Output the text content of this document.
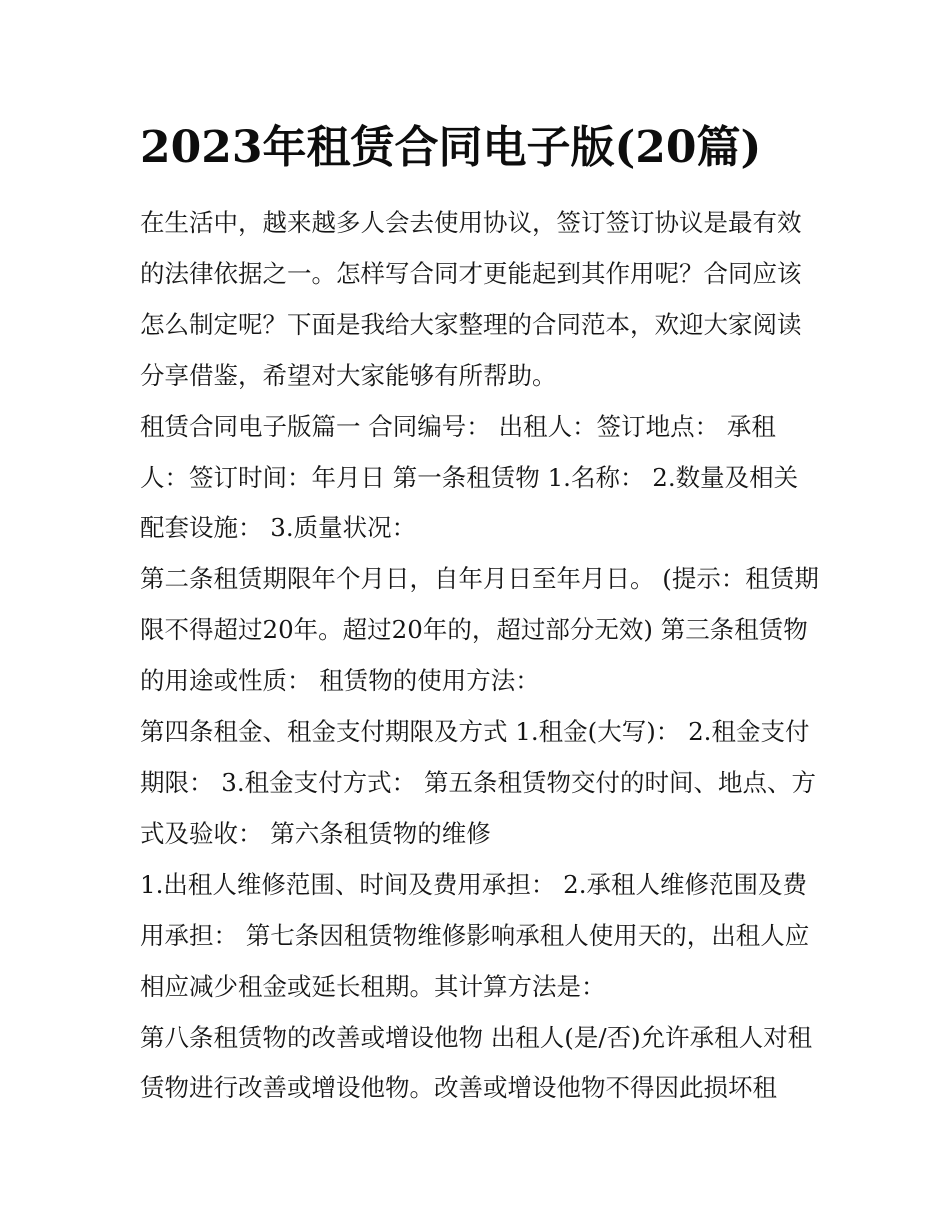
2023年租赁合同电子版(20篇)

在生活中，越来越多人会去使用协议，签订签订协议是最有效的法律依据之一。怎样写合同才更能起到其作用呢？合同应该怎么制定呢？下面是我给大家整理的合同范本，欢迎大家阅读分享借鉴，希望对大家能够有所帮助。

租赁合同电子版篇一 合同编号： 出租人：签订地点： 承租人：签订时间：年月日 第一条租赁物 1.名称： 2.数量及相关配套设施： 3.质量状况：

第二条租赁期限年个月日，自年月日至年月日。 (提示：租赁期限不得超过20年。超过20年的，超过部分无效) 第三条租赁物的用途或性质： 租赁物的使用方法：

第四条租金、租金支付期限及方式 1.租金(大写)： 2.租金支付期限： 3.租金支付方式： 第五条租赁物交付的时间、地点、方式及验收： 第六条租赁物的维修

1.出租人维修范围、时间及费用承担： 2.承租人维修范围及费用承担： 第七条因租赁物维修影响承租人使用天的，出租人应相应减少租金或延长租期。其计算方法是：

第八条租赁物的改善或增设他物 出租人(是/否)允许承租人对租赁物进行改善或增设他物。改善或增设他物不得因此损坏租
